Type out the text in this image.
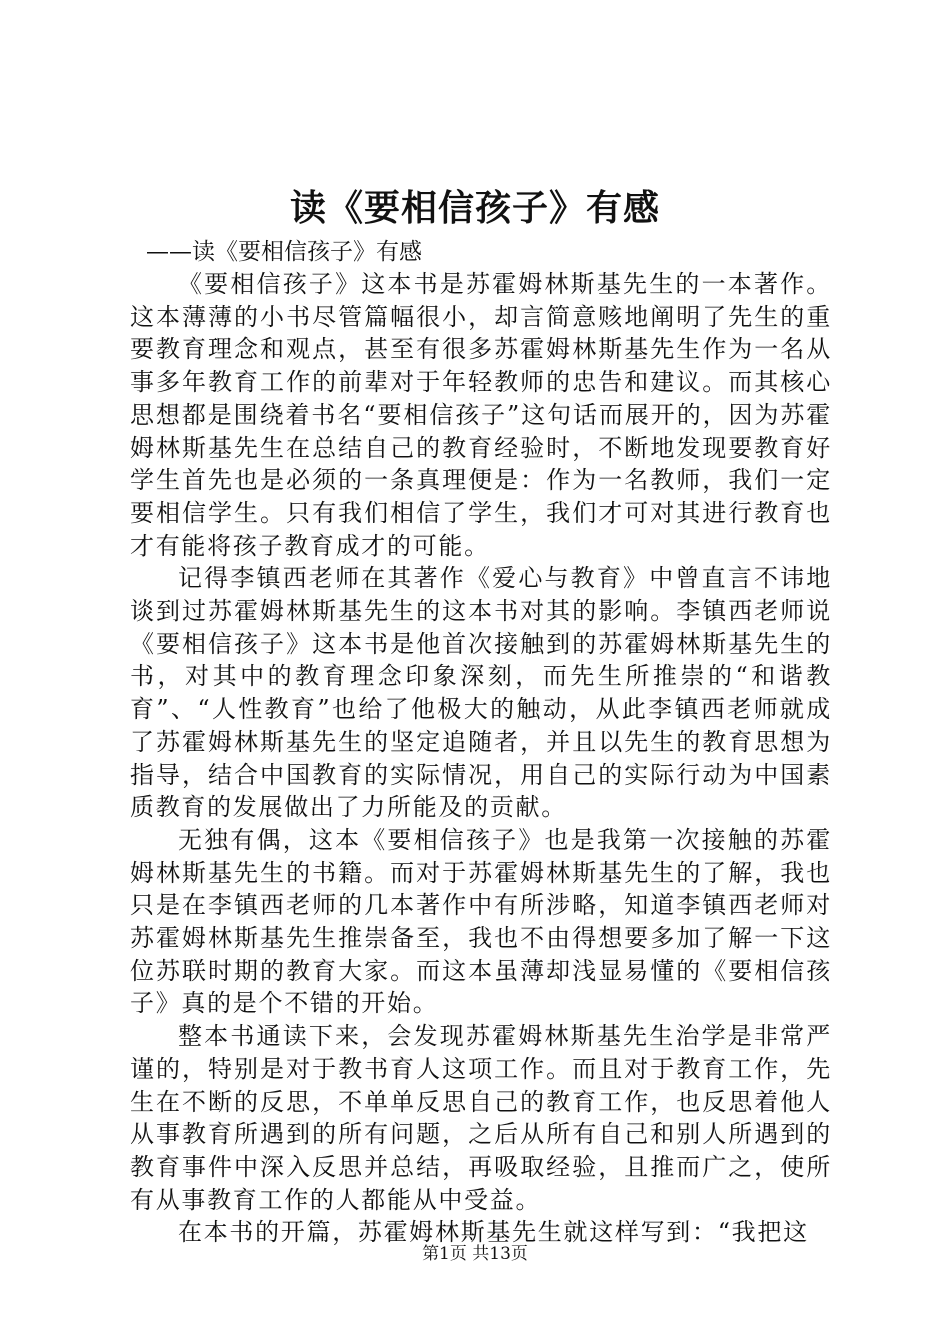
读《要相信孩子》有感

——读《要相信孩子》有感

《要相信孩子》这本书是苏霍姆林斯基先生的一本著作。这本薄薄的小书尽管篇幅很小，却言简意赅地阐明了先生的重要教育理念和观点，甚至有很多苏霍姆林斯基先生作为一名从事多年教育工作的前辈对于年轻教师的忠告和建议。而其核心思想都是围绕着书名“要相信孩子”这句话而展开的，因为苏霍姆林斯基先生在总结自己的教育经验时，不断地发现要教育好学生首先也是必须的一条真理便是：作为一名教师，我们一定要相信学生。只有我们相信了学生，我们才可对其进行教育也才有能将孩子教育成才的可能。

记得李镇西老师在其著作《爱心与教育》中曾直言不讳地谈到过苏霍姆林斯基先生的这本书对其的影响。李镇西老师说《要相信孩子》这本书是他首次接触到的苏霍姆林斯基先生的书，对其中的教育理念印象深刻，而先生所推崇的“和谐教育”、“人性教育”也给了他极大的触动，从此李镇西老师就成了苏霍姆林斯基先生的坚定追随者，并且以先生的教育思想为指导，结合中国教育的实际情况，用自己的实际行动为中国素质教育的发展做出了力所能及的贡献。

无独有偶，这本《要相信孩子》也是我第一次接触的苏霍姆林斯基先生的书籍。而对于苏霍姆林斯基先生的了解，我也只是在李镇西老师的几本著作中有所涉略，知道李镇西老师对苏霍姆林斯基先生推崇备至，我也不由得想要多加了解一下这位苏联时期的教育大家。而这本虽薄却浅显易懂的《要相信孩子》真的是个不错的开始。

整本书通读下来，会发现苏霍姆林斯基先生治学是非常严谨的，特别是对于教书育人这项工作。而且对于教育工作，先生在不断的反思，不单单反思自己的教育工作，也反思着他人从事教育所遇到的所有问题，之后从所有自己和别人所遇到的教育事件中深入反思并总结，再吸取经验，且推而广之，使所有从事教育工作的人都能从中受益。

在本书的开篇，苏霍姆林斯基先生就这样写到：“我把这

第1页 共13页
